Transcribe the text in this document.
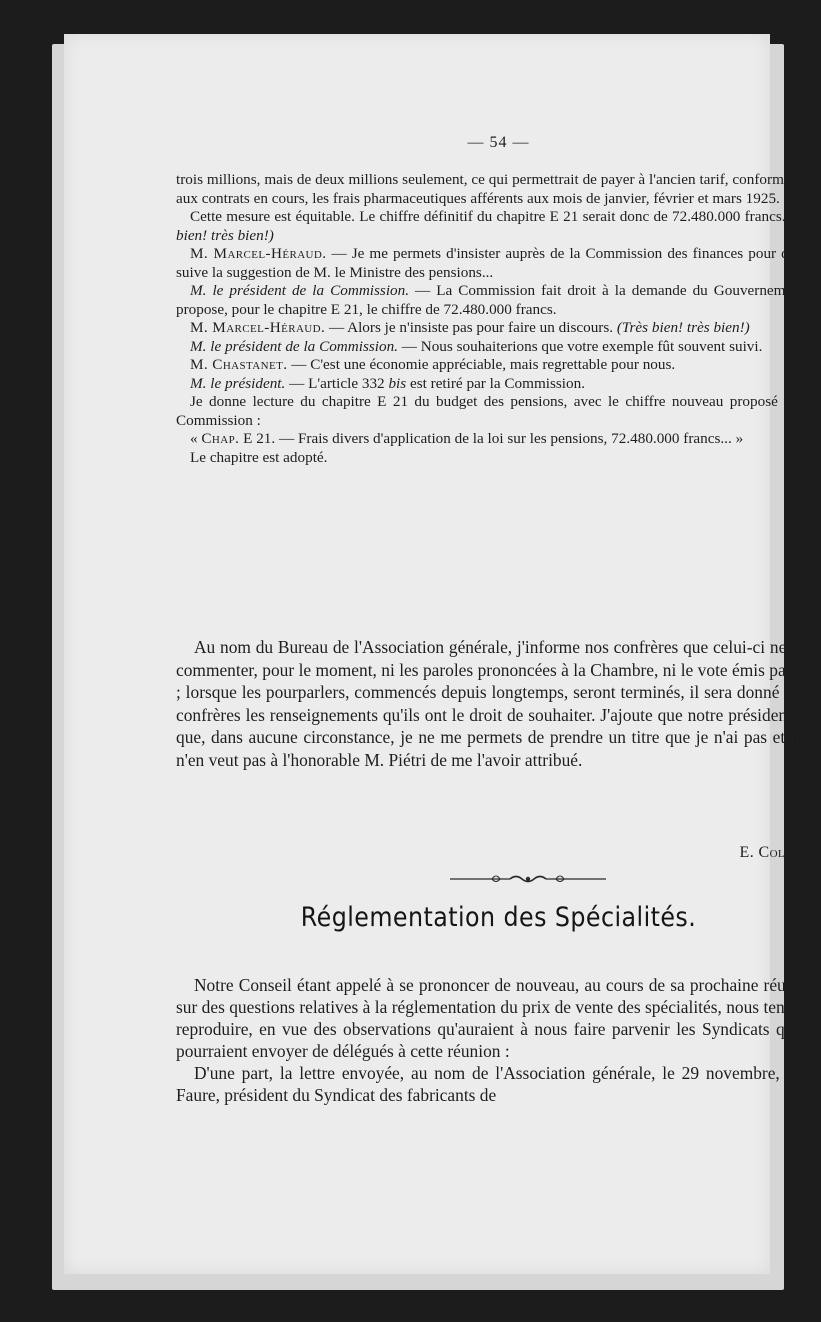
— 54 —

trois millions, mais de deux millions seulement, ce qui permettrait de payer à l'ancien tarif, conformément aux contrats en cours, les frais pharmaceutiques afférents aux mois de janvier, février et mars 1925.

Cette mesure est équitable. Le chiffre définitif du chapitre E 21 serait donc de 72.480.000 francs. (Très bien! très bien!)

M. Marcel-Héraud. — Je me permets d'insister auprès de la Commission des finances pour qu'elle suive la suggestion de M. le Ministre des pensions...

M. le président de la Commission. — La Commission fait droit à la demande du Gouvernement et propose, pour le chapitre E 21, le chiffre de 72.480.000 francs.

M. Marcel-Héraud. — Alors je n'insiste pas pour faire un discours. (Très bien! très bien!)

M. le président de la Commission. — Nous souhaiterions que votre exemple fût souvent suivi.

M. Chastanet. — C'est une économie appréciable, mais regrettable pour nous.

M. le président. — L'article 332 bis est retiré par la Commission.

Je donne lecture du chapitre E 21 du budget des pensions, avec le chiffre nouveau proposé par la Commission :

« Chap. E 21. — Frais divers d'application de la loi sur les pensions, 72.480.000 francs... »

Le chapitre est adopté.

Au nom du Bureau de l'Association générale, j'informe nos confrères que celui-ci ne veut commenter, pour le moment, ni les paroles prononcées à la Chambre, ni le vote émis par elle ; lorsque les pourparlers, commencés depuis longtemps, seront terminés, il sera donné à nos confrères les renseignements qu'ils ont le droit de souhaiter. J'ajoute que notre président sait que, dans aucune circonstance, je ne me permets de prendre un titre que je n'ai pas et qu'il n'en veut pas à l'honorable M. Piétri de me l'avoir attribué.

E. Collard.
Réglementation des Spécialités.

Notre Conseil étant appelé à se prononcer de nouveau, au cours de sa prochaine réunion, sur des questions relatives à la réglementation du prix de vente des spécialités, nous tenons à reproduire, en vue des observations qu'auraient à nous faire parvenir les Syndicats qui ne pourraient envoyer de délégués à cette réunion :

D'une part, la lettre envoyée, au nom de l'Association générale, le 29 novembre, à M. Faure, président du Syndicat des fabricants de
